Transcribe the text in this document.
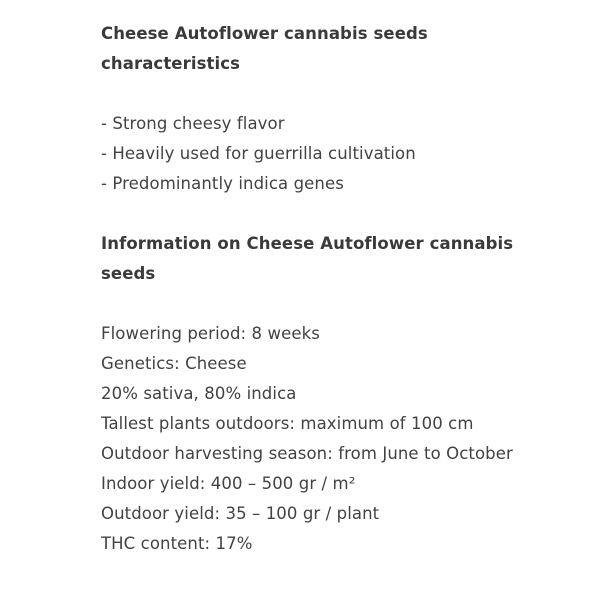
Cheese Autoflower cannabis seeds characteristics
- Strong cheesy flavor
- Heavily used for guerrilla cultivation
- Predominantly indica genes
Information on Cheese Autoflower cannabis seeds

Flowering period: 8 weeks

Genetics: Cheese

20% sativa, 80% indica

Tallest plants outdoors: maximum of 100 cm

Outdoor harvesting season: from June to October

Indoor yield: 400 – 500 gr / m²

Outdoor yield: 35 – 100 gr / plant

THC content: 17%
